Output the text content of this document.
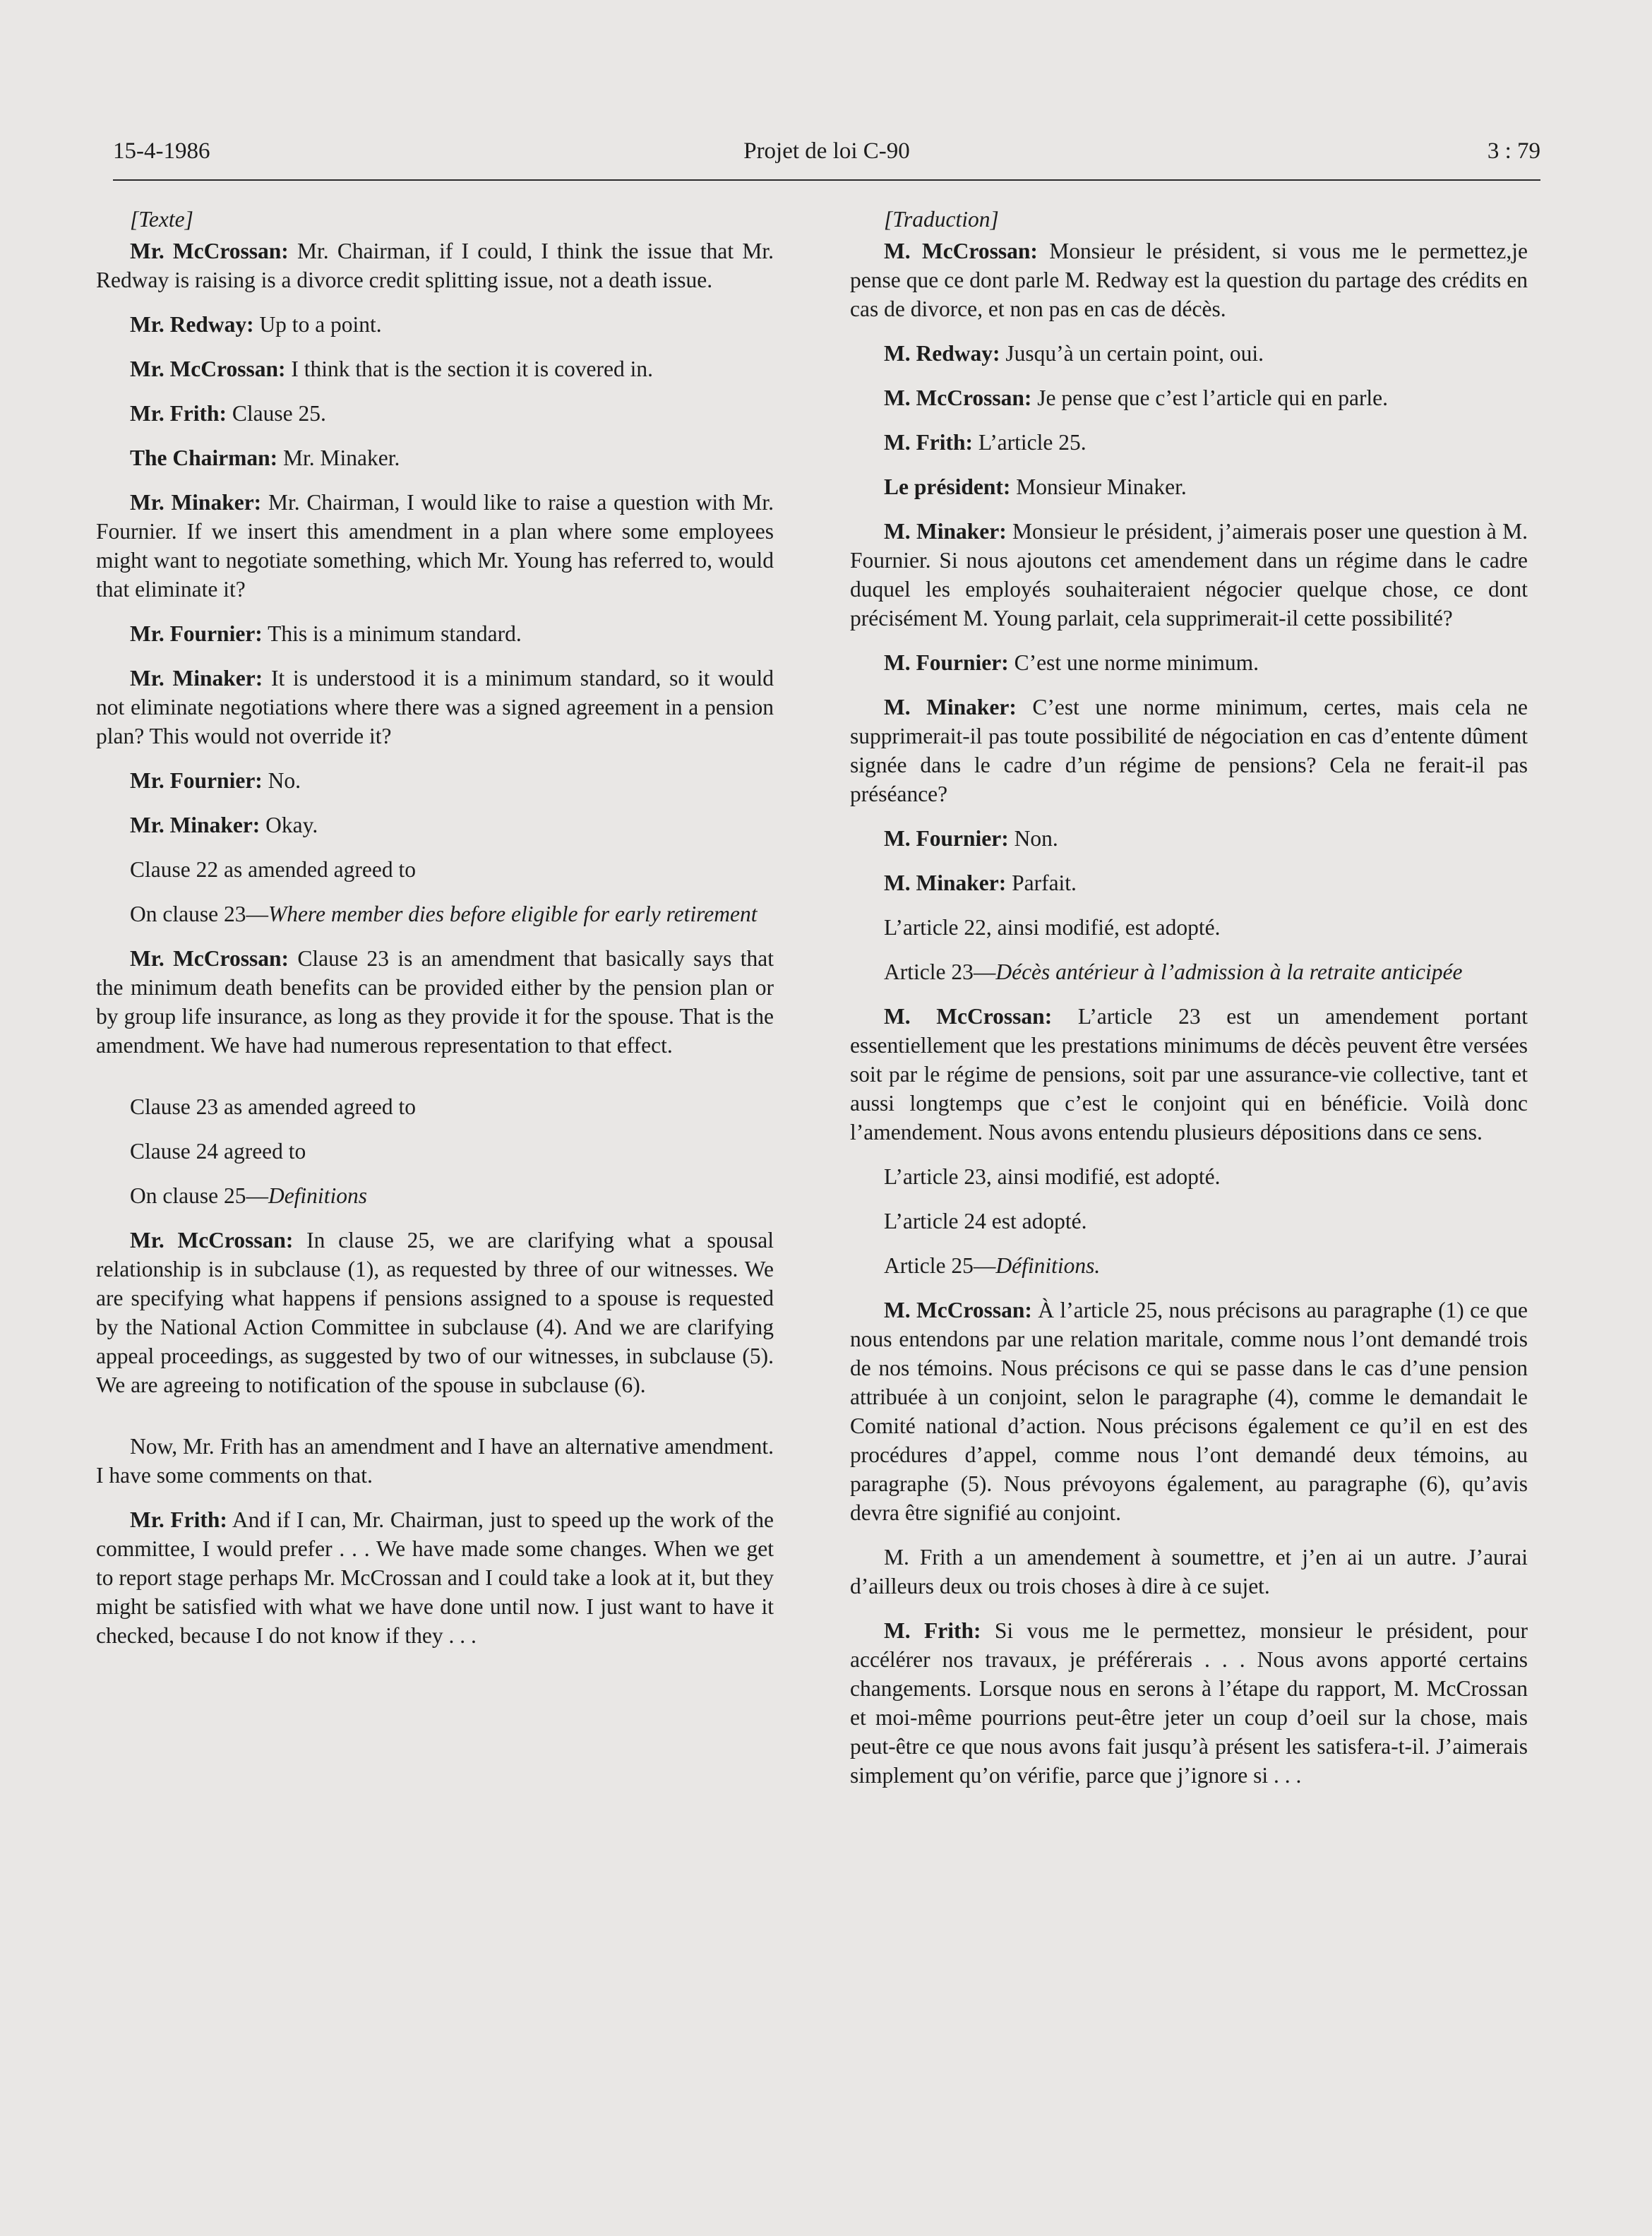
15-4-1986	Projet de loi C-90	3 : 79

[Texte]

Mr. McCrossan: Mr. Chairman, if I could, I think the issue that Mr. Redway is raising is a divorce credit splitting issue, not a death issue.

Mr. Redway: Up to a point.

Mr. McCrossan: I think that is the section it is covered in.

Mr. Frith: Clause 25.

The Chairman: Mr. Minaker.

Mr. Minaker: Mr. Chairman, I would like to raise a question with Mr. Fournier. If we insert this amendment in a plan where some employees might want to negotiate something, which Mr. Young has referred to, would that eliminate it?

Mr. Fournier: This is a minimum standard.

Mr. Minaker: It is understood it is a minimum standard, so it would not eliminate negotiations where there was a signed agreement in a pension plan? This would not override it?

Mr. Fournier: No.

Mr. Minaker: Okay.

Clause 22 as amended agreed to

On clause 23—Where member dies before eligible for early retirement

Mr. McCrossan: Clause 23 is an amendment that basically says that the minimum death benefits can be provided either by the pension plan or by group life insurance, as long as they provide it for the spouse. That is the amendment. We have had numerous representation to that effect.

Clause 23 as amended agreed to

Clause 24 agreed to

On clause 25—Definitions

Mr. McCrossan: In clause 25, we are clarifying what a spousal relationship is in subclause (1), as requested by three of our witnesses. We are specifying what happens if pensions assigned to a spouse is requested by the National Action Committee in subclause (4). And we are clarifying appeal proceedings, as suggested by two of our witnesses, in subclause (5). We are agreeing to notification of the spouse in subclause (6).

Now, Mr. Frith has an amendment and I have an alternative amendment. I have some comments on that.

Mr. Frith: And if I can, Mr. Chairman, just to speed up the work of the committee, I would prefer . . . We have made some changes. When we get to report stage perhaps Mr. McCrossan and I could take a look at it, but they might be satisfied with what we have done until now. I just want to have it checked, because I do not know if they . . .

[Traduction]

M. McCrossan: Monsieur le président, si vous me le permettez,je pense que ce dont parle M. Redway est la question du partage des crédits en cas de divorce, et non pas en cas de décès.

M. Redway: Jusqu’à un certain point, oui.

M. McCrossan: Je pense que c’est l’article qui en parle.

M. Frith: L’article 25.

Le président: Monsieur Minaker.

M. Minaker: Monsieur le président, j’aimerais poser une question à M. Fournier. Si nous ajoutons cet amendement dans un régime dans le cadre duquel les employés souhaiteraient négocier quelque chose, ce dont précisément M. Young parlait, cela supprimerait-il cette possibilité?

M. Fournier: C’est une norme minimum.

M. Minaker: C’est une norme minimum, certes, mais cela ne supprimerait-il pas toute possibilité de négociation en cas d’entente dûment signée dans le cadre d’un régime de pensions? Cela ne ferait-il pas préséance?

M. Fournier: Non.

M. Minaker: Parfait.

L’article 22, ainsi modifié, est adopté.

Article 23—Décès antérieur à l’admission à la retraite anticipée

M. McCrossan: L’article 23 est un amendement portant essentiellement que les prestations minimums de décès peuvent être versées soit par le régime de pensions, soit par une assurance-vie collective, tant et aussi longtemps que c’est le conjoint qui en bénéficie. Voilà donc l’amendement. Nous avons entendu plusieurs dépositions dans ce sens.

L’article 23, ainsi modifié, est adopté.

L’article 24 est adopté.

Article 25—Définitions.

M. McCrossan: À l’article 25, nous précisons au paragraphe (1) ce que nous entendons par une relation maritale, comme nous l’ont demandé trois de nos témoins. Nous précisons ce qui se passe dans le cas d’une pension attribuée à un conjoint, selon le paragraphe (4), comme le demandait le Comité national d’action. Nous précisons également ce qu’il en est des procédures d’appel, comme nous l’ont demandé deux témoins, au paragraphe (5). Nous prévoyons également, au paragraphe (6), qu’avis devra être signifié au conjoint.

M. Frith a un amendement à soumettre, et j’en ai un autre. J’aurai d’ailleurs deux ou trois choses à dire à ce sujet.

M. Frith: Si vous me le permettez, monsieur le président, pour accélérer nos travaux, je préférerais . . . Nous avons apporté certains changements. Lorsque nous en serons à l’étape du rapport, M. McCrossan et moi-même pourrions peut-être jeter un coup d’oeil sur la chose, mais peut-être ce que nous avons fait jusqu’à présent les satisfera-t-il. J’aimerais simplement qu’on vérifie, parce que j’ignore si . . .
